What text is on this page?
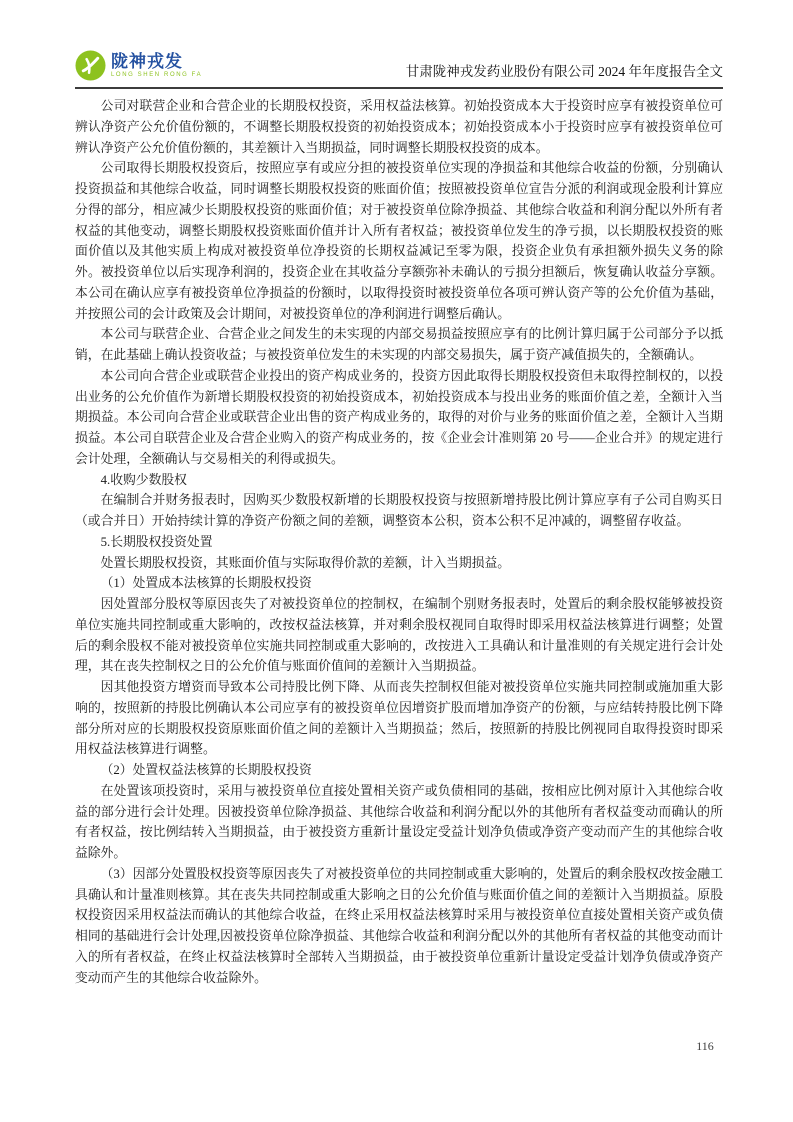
陇神戎发
LONG SHEN RONG FA	甘肃陇神戎发药业股份有限公司 2024 年年度报告全文

公司对联营企业和合营企业的长期股权投资，采用权益法核算。初始投资成本大于投资时应享有被投资单位可辨认净资产公允价值份额的，不调整长期股权投资的初始投资成本；初始投资成本小于投资时应享有被投资单位可辨认净资产公允价值份额的，其差额计入当期损益，同时调整长期股权投资的成本。

公司取得长期股权投资后，按照应享有或应分担的被投资单位实现的净损益和其他综合收益的份额，分别确认投资损益和其他综合收益，同时调整长期股权投资的账面价值；按照被投资单位宣告分派的利润或现金股利计算应分得的部分，相应减少长期股权投资的账面价值；对于被投资单位除净损益、其他综合收益和利润分配以外所有者权益的其他变动，调整长期股权投资账面价值并计入所有者权益；被投资单位发生的净亏损，以长期股权投资的账面价值以及其他实质上构成对被投资单位净投资的长期权益减记至零为限，投资企业负有承担额外损失义务的除外。被投资单位以后实现净利润的，投资企业在其收益分享额弥补未确认的亏损分担额后，恢复确认收益分享额。本公司在确认应享有被投资单位净损益的份额时，以取得投资时被投资单位各项可辨认资产等的公允价值为基础，并按照公司的会计政策及会计期间，对被投资单位的净利润进行调整后确认。

本公司与联营企业、合营企业之间发生的未实现的内部交易损益按照应享有的比例计算归属于公司部分予以抵销，在此基础上确认投资收益；与被投资单位发生的未实现的内部交易损失，属于资产减值损失的，全额确认。

本公司向合营企业或联营企业投出的资产构成业务的，投资方因此取得长期股权投资但未取得控制权的，以投出业务的公允价值作为新增长期股权投资的初始投资成本，初始投资成本与投出业务的账面价值之差，全额计入当期损益。本公司向合营企业或联营企业出售的资产构成业务的，取得的对价与业务的账面价值之差，全额计入当期损益。本公司自联营企业及合营企业购入的资产构成业务的，按《企业会计准则第 20 号——企业合并》的规定进行会计处理，全额确认与交易相关的利得或损失。

4.收购少数股权

在编制合并财务报表时，因购买少数股权新增的长期股权投资与按照新增持股比例计算应享有子公司自购买日（或合并日）开始持续计算的净资产份额之间的差额，调整资本公积，资本公积不足冲减的，调整留存收益。

5.长期股权投资处置

处置长期股权投资，其账面价值与实际取得价款的差额，计入当期损益。

（1）处置成本法核算的长期股权投资

因处置部分股权等原因丧失了对被投资单位的控制权，在编制个别财务报表时，处置后的剩余股权能够被投资单位实施共同控制或重大影响的，改按权益法核算，并对剩余股权视同自取得时即采用权益法核算进行调整；处置后的剩余股权不能对被投资单位实施共同控制或重大影响的，改按进入工具确认和计量准则的有关规定进行会计处理，其在丧失控制权之日的公允价值与账面价值间的差额计入当期损益。

因其他投资方增资而导致本公司持股比例下降、从而丧失控制权但能对被投资单位实施共同控制或施加重大影响的，按照新的持股比例确认本公司应享有的被投资单位因增资扩股而增加净资产的份额，与应结转持股比例下降部分所对应的长期股权投资原账面价值之间的差额计入当期损益；然后，按照新的持股比例视同自取得投资时即采用权益法核算进行调整。

（2）处置权益法核算的长期股权投资

在处置该项投资时，采用与被投资单位直接处置相关资产或负债相同的基础，按相应比例对原计入其他综合收益的部分进行会计处理。因被投资单位除净损益、其他综合收益和利润分配以外的其他所有者权益变动而确认的所有者权益，按比例结转入当期损益，由于被投资方重新计量设定受益计划净负债或净资产变动而产生的其他综合收益除外。

（3）因部分处置股权投资等原因丧失了对被投资单位的共同控制或重大影响的，处置后的剩余股权改按金融工具确认和计量准则核算。其在丧失共同控制或重大影响之日的公允价值与账面价值之间的差额计入当期损益。原股权投资因采用权益法而确认的其他综合收益，在终止采用权益法核算时采用与被投资单位直接处置相关资产或负债相同的基础进行会计处理,因被投资单位除净损益、其他综合收益和利润分配以外的其他所有者权益的其他变动而计入的所有者权益，在终止权益法核算时全部转入当期损益，由于被投资单位重新计量设定受益计划净负债或净资产变动而产生的其他综合收益除外。

116
